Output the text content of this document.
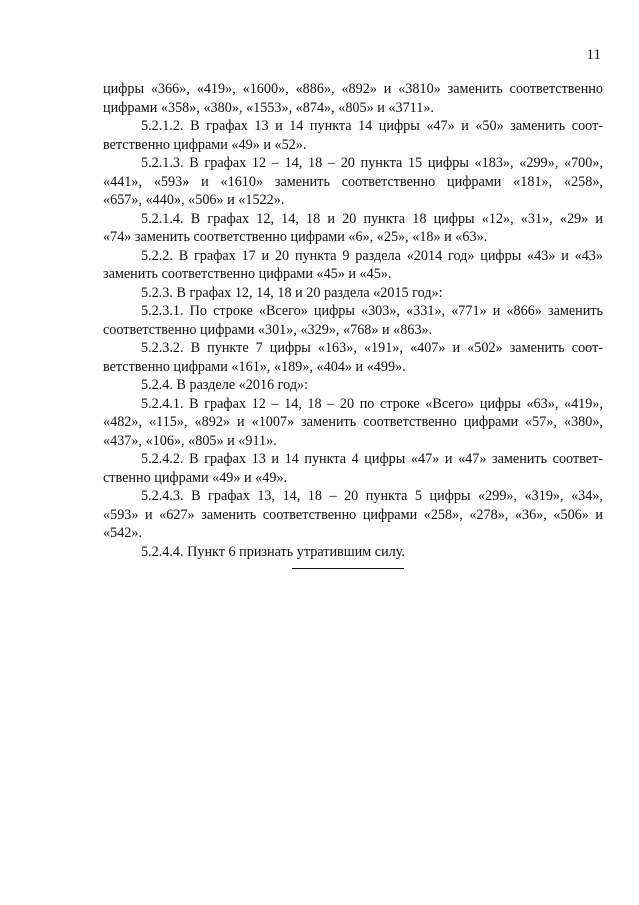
11
цифры «366», «419», «1600», «886», «892» и «3810» заменить соответственно
цифрами «358», «380», «1553», «874», «805» и «3711».
5.2.1.2. В графах 13 и 14 пункта 14 цифры «47» и «50» заменить соот-
ветственно цифрами «49» и «52».
5.2.1.3. В графах 12 – 14, 18 – 20 пункта 15 цифры «183», «299», «700»,
«441», «593» и «1610» заменить соответственно цифрами «181», «258»,
«657», «440», «506» и «1522».
5.2.1.4. В графах 12, 14, 18 и 20 пункта 18 цифры «12», «31», «29» и
«74» заменить соответственно цифрами «6», «25», «18» и «63».
5.2.2. В графах 17 и 20 пункта 9 раздела «2014 год» цифры «43» и «43»
заменить соответственно цифрами «45» и «45».
5.2.3. В графах 12, 14, 18 и 20 раздела «2015 год»:
5.2.3.1. По строке «Всего» цифры «303», «331», «771» и «866» заменить
соответственно цифрами «301», «329», «768» и «863».
5.2.3.2. В пункте 7 цифры «163», «191», «407» и «502» заменить соот-
ветственно цифрами «161», «189», «404» и «499».
5.2.4. В разделе «2016 год»:
5.2.4.1. В графах 12 – 14, 18 – 20 по строке «Всего» цифры «63», «419»,
«482», «115», «892» и «1007» заменить соответственно цифрами «57», «380»,
«437», «106», «805» и «911».
5.2.4.2. В графах 13 и 14 пункта 4 цифры «47» и «47» заменить соответ-
ственно цифрами «49» и «49».
5.2.4.3. В графах 13, 14, 18 – 20 пункта 5 цифры «299», «319», «34»,
«593» и «627» заменить соответственно цифрами «258», «278», «36», «506» и
«542».
5.2.4.4. Пункт 6 признать утратившим силу.
